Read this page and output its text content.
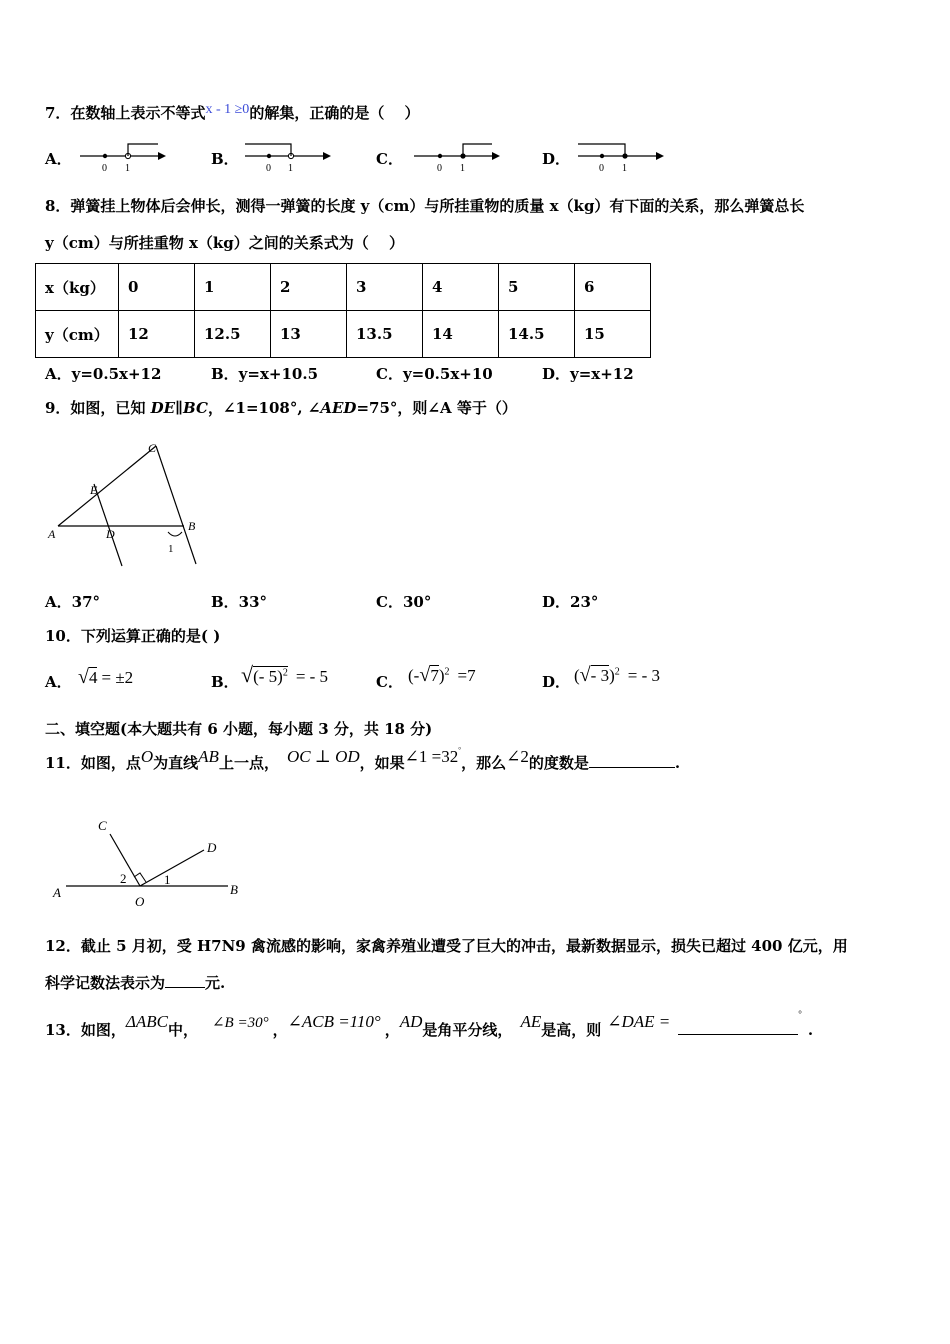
7．在数轴上表示不等式x - 1 ≥0的解集，正确的是（　 ）
A．
0 1
B．
0 1
C．
0 1
D．
0 1
8．弹簧挂上物体后会伸长，测得一弹簧的长度 y（cm）与所挂重物的质量 x（kg）有下面的关系，那么弹簧总长
y（cm）与所挂重物 x（kg）之间的关系式为（　 ）
x（kg）	0	1	2	3	4	5	6
y（cm）	12	12.5	13	13.5	14	14.5	15
A．y=0.5x+12	B．y=x+10.5	C．y=0.5x+10	D．y=x+12
9．如图，已知 DE∥BC，∠1=108°, ∠AED=75°，则∠A 等于（）
A
C
E
D
B
1
A．37°	B．33°	C．30°	D．23°
10．下列运算正确的是( )
A． √4 = ±2	B． √(- 5)$^2$ = - 5	C． $(-√7)^2 =7$	D． (√- 3)$^2$ = - 3
二、填空题(本大题共有 6 小题，每小题 3 分，共 18 分)
11．如图，点O为直线AB上一点， OC ⊥ OD，如果∠1 =32°，那么∠2的度数是	.
A	B
C
D
O
2	1
12．截止 5 月初，受 H7N9 禽流感的影响，家禽养殖业遭受了巨大的冲击，最新数据显示，损失已超过 400 亿元，用
科学记数法表示为	元.
13．如图，ΔABC中， ∠B =30° ，∠ACB =110° ，AD是角平分线， AE是高，则 ∠DAE =	°.
